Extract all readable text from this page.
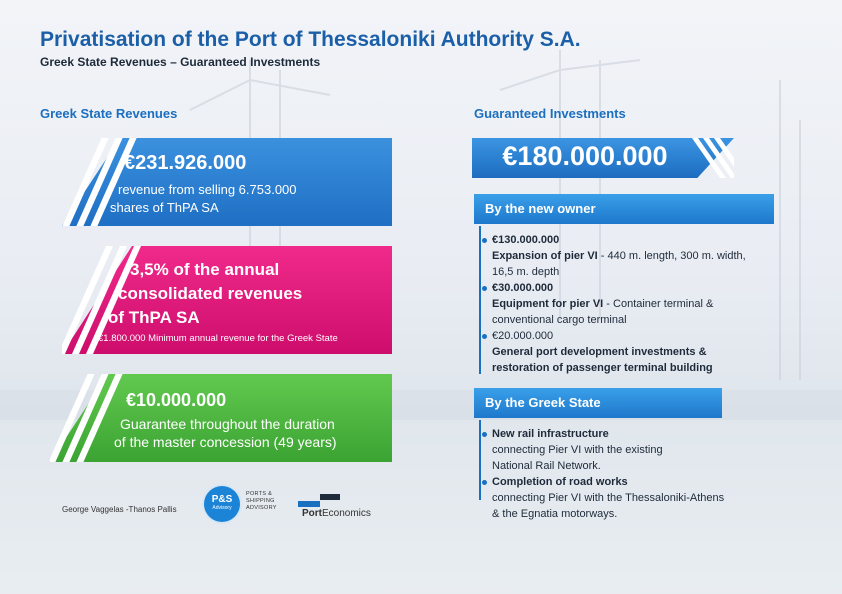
Privatisation of the Port of Thessaloniki Authority S.A.
Greek State Revenues – Guaranteed Investments
Greek State Revenues	Guaranteed Investments
€231.926.000
revenue from selling 6.753.000
shares of ThPA SA
3,5% of the annual
consolidated revenues
of ThPA SA
€1.800.000 Minimum annual revenue for the Greek State
€10.000.000
Guarantee throughout the duration
of the master concession (49 years)
€180.000.000
By the new owner
€130.000.000
Expansion of pier VI - 440 m. length, 300 m. width,
16,5 m. depth
€30.000.000
Equipment for pier VI - Container terminal &
conventional cargo terminal
€20.000.000
General port development investments &
restoration of passenger terminal building
By the Greek State
New rail infrastructure
connecting Pier VI with the existing
National Rail Network.
Completion of road works
connecting Pier VI with the Thessaloniki-Athens
& the Egnatia motorways.
George Vaggelas -Thanos Pallis
P&S
Advisory
PORTS &
SHIPPING
ADVISORY	PortEconomics
